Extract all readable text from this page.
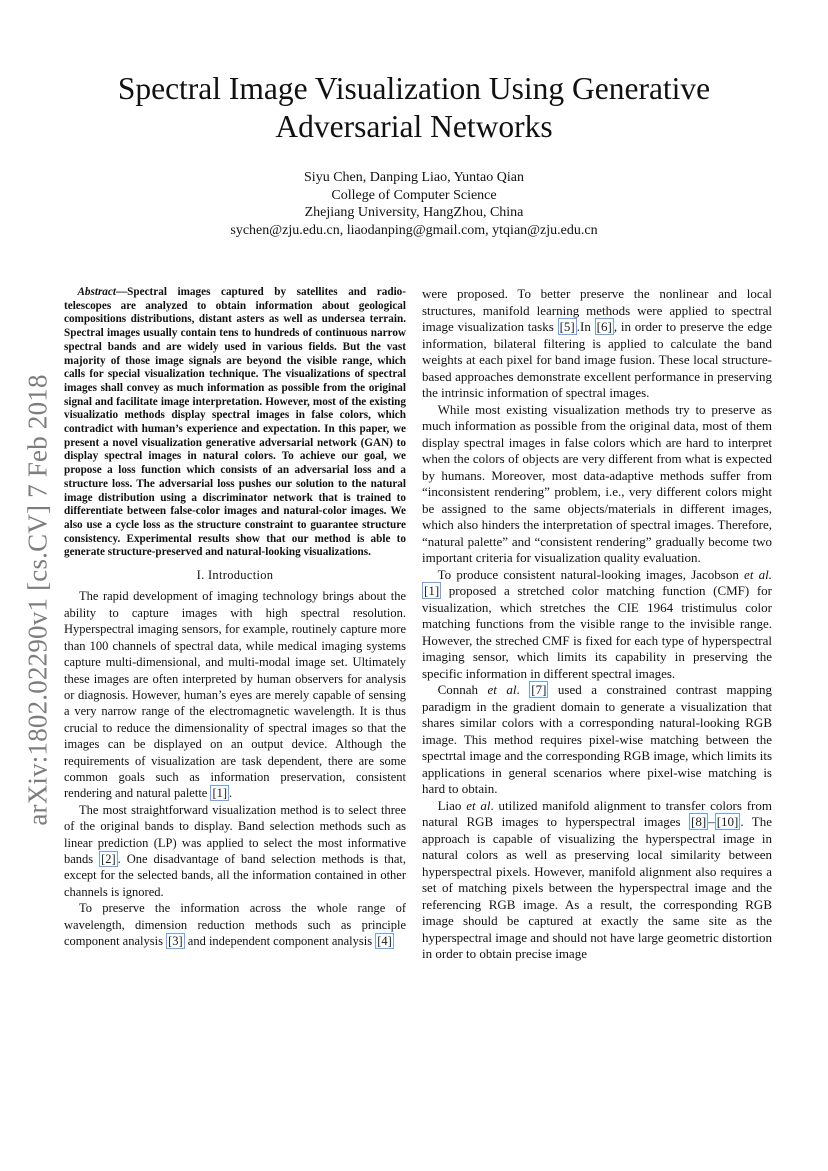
Spectral Image Visualization Using Generative Adversarial Networks
Siyu Chen, Danping Liao, Yuntao Qian
College of Computer Science
Zhejiang University, HangZhou, China
sychen@zju.edu.cn, liaodanping@gmail.com, ytqian@zju.edu.cn
arXiv:1802.02290v1 [cs.CV] 7 Feb 2018

Abstract—Spectral images captured by satellites and radio-telescopes are analyzed to obtain information about geological compositions distributions, distant asters as well as undersea terrain. Spectral images usually contain tens to hundreds of continuous narrow spectral bands and are widely used in various fields. But the vast majority of those image signals are beyond the visible range, which calls for special visualization technique. The visualizations of spectral images shall convey as much information as possible from the original signal and facilitate image interpretation. However, most of the existing visualizatio methods display spectral images in false colors, which contradict with human’s experience and expectation. In this paper, we present a novel visualization generative adversarial network (GAN) to display spectral images in natural colors. To achieve our goal, we propose a loss function which consists of an adversarial loss and a structure loss. The adversarial loss pushes our solution to the natural image distribution using a discriminator network that is trained to differentiate between false-color images and natural-color images. We also use a cycle loss as the structure constraint to guarantee structure consistency. Experimental results show that our method is able to generate structure-preserved and natural-looking visualizations.

I. Introduction

The rapid development of imaging technology brings about the ability to capture images with high spectral resolution. Hyperspectral imaging sensors, for example, routinely capture more than 100 channels of spectral data, while medical imaging systems capture multi-dimensional, and multi-modal image set. Ultimately these images are often interpreted by human observers for analysis or diagnosis. However, human’s eyes are merely capable of sensing a very narrow range of the electromagnetic wavelength. It is thus crucial to reduce the dimensionality of spectral images so that the images can be displayed on an output device. Although the requirements of visualization are task dependent, there are some common goals such as information preservation, consistent rendering and natural palette [1] .

The most straightforward visualization method is to select three of the original bands to display. Band selection methods such as linear prediction (LP) was applied to select the most informative bands [2] . One disadvantage of band selection methods is that, except for the selected bands, all the information contained in other channels is ignored.

To preserve the information across the whole range of wavelength, dimension reduction methods such as principle component analysis [3] and independent component analysis [4]

were proposed. To better preserve the nonlinear and local structures, manifold learning methods were applied to spectral image visualization tasks [5] .In [6] , in order to preserve the edge information, bilateral filtering is applied to calculate the band weights at each pixel for band image fusion. These local structure-based approaches demonstrate excellent performance in preserving the intrinsic information of spectral images.

While most existing visualization methods try to preserve as much information as possible from the original data, most of them display spectral images in false colors which are hard to interpret when the colors of objects are very different from what is expected by humans. Moreover, most data-adaptive methods suffer from “inconsistent rendering” problem, i.e., very different colors might be assigned to the same objects/materials in different images, which also hinders the interpretation of spectral images. Therefore, “natural palette” and “consistent rendering” gradually become two important criteria for visualization quality evaluation.

To produce consistent natural-looking images, Jacobson et al. [1] proposed a stretched color matching function (CMF) for visualization, which stretches the CIE 1964 tristimulus color matching functions from the visible range to the invisible range. However, the streched CMF is fixed for each type of hyperspectral imaging sensor, which limits its capability in preserving the specific information in different spectral images.

Connah et al. [7] used a constrained contrast mapping paradigm in the gradient domain to generate a visualization that shares similar colors with a corresponding natural-looking RGB image. This method requires pixel-wise matching between the spectrtal image and the corresponding RGB image, which limits its applications in general scenarios where pixel-wise matching is hard to obtain.

Liao et al. utilized manifold alignment to transfer colors from natural RGB images to hyperspectral images [8] – [10] . The approach is capable of visualizing the hyperspectral image in natural colors as well as preserving local similarity between hyperspectral pixels. However, manifold alignment also requires a set of matching pixels between the hyperspectral image and the referencing RGB image. As a result, the corresponding RGB image should be captured at exactly the same site as the hyperspectral image and should not have large geometric distortion in order to obtain precise image
